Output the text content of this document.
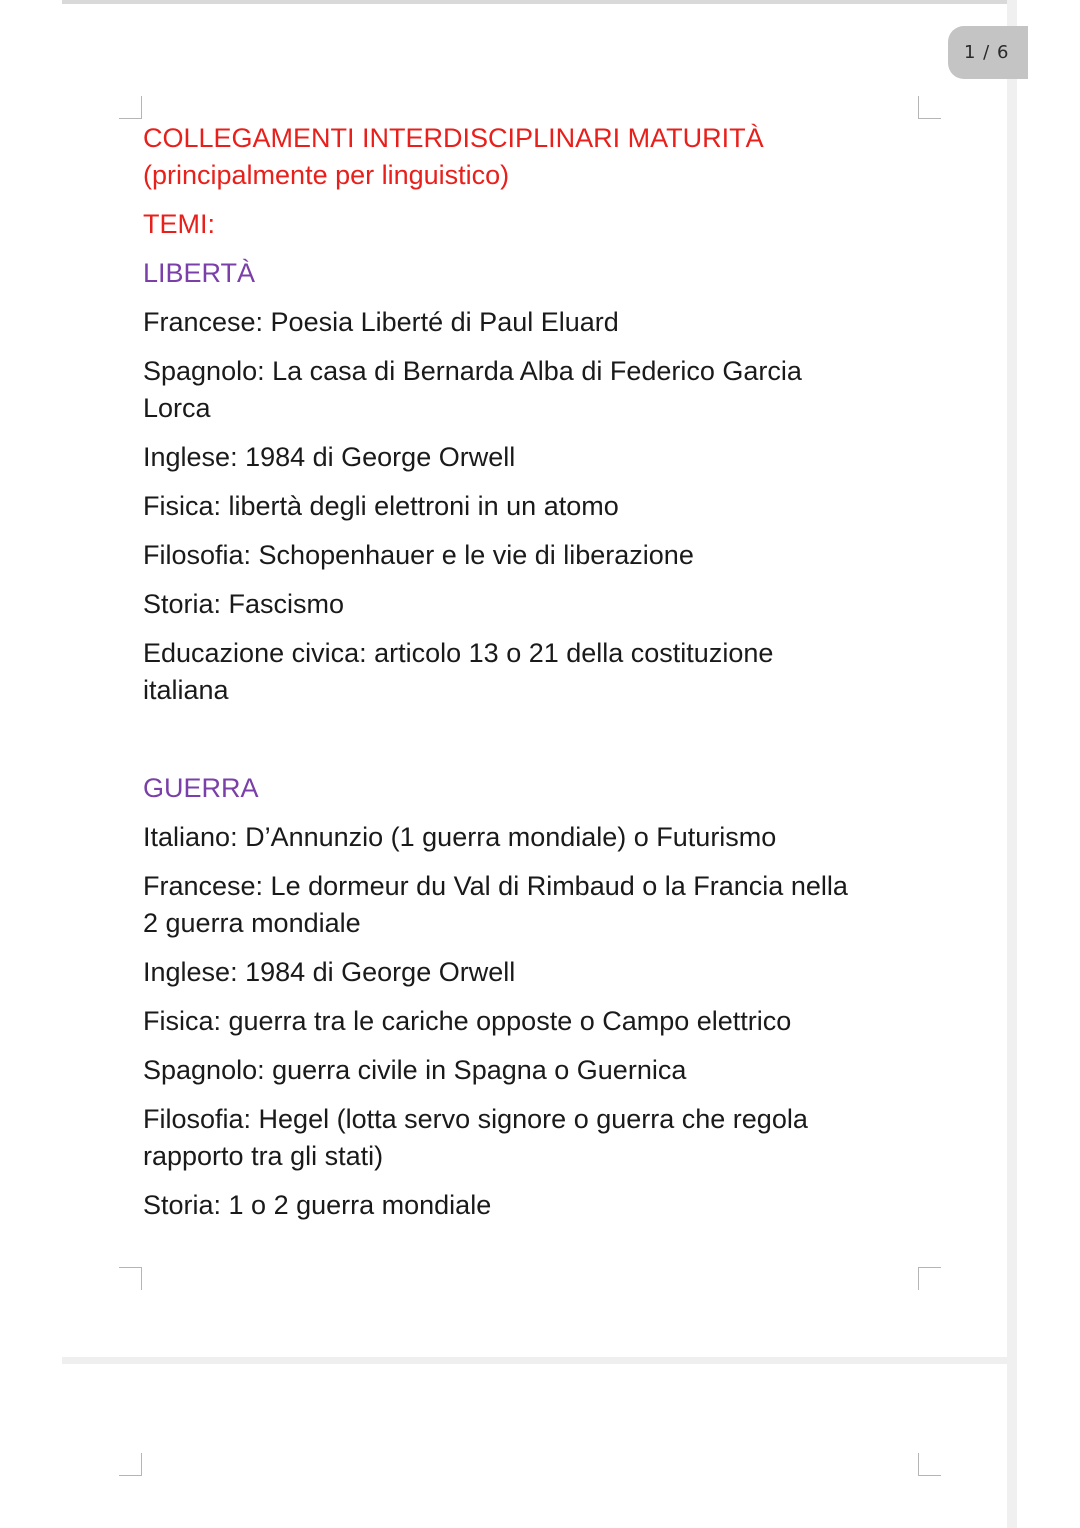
1 / 6

COLLEGAMENTI INTERDISCIPLINARI MATURITÀ
(principalmente per linguistico)

TEMI:

LIBERTÀ

Francese: Poesia Liberté di Paul Eluard

Spagnolo: La casa di Bernarda Alba di Federico Garcia
Lorca

Inglese: 1984 di George Orwell

Fisica: libertà degli elettroni in un atomo

Filosofia: Schopenhauer e le vie di liberazione

Storia: Fascismo

Educazione civica: articolo 13 o 21 della costituzione
italiana

GUERRA

Italiano: D’Annunzio (1 guerra mondiale) o Futurismo

Francese: Le dormeur du Val di Rimbaud o la Francia nella
2 guerra mondiale

Inglese: 1984 di George Orwell

Fisica: guerra tra le cariche opposte o Campo elettrico

Spagnolo: guerra civile in Spagna o Guernica

Filosofia: Hegel (lotta servo signore o guerra che regola
rapporto tra gli stati)

Storia: 1 o 2 guerra mondiale
